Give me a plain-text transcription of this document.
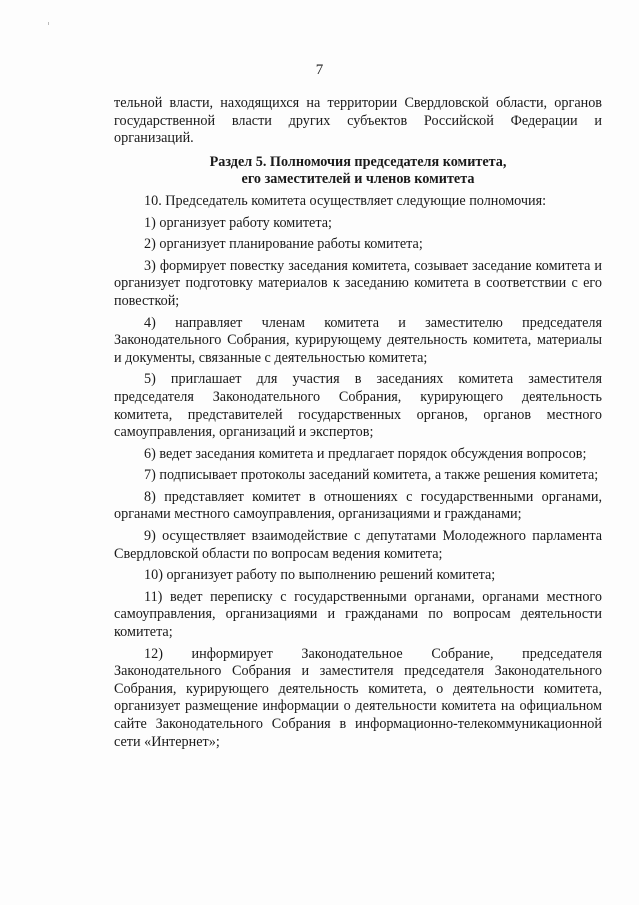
7

тельной власти, находящихся на территории Свердловской области, органов государственной власти других субъектов Российской Федерации и организаций.

Раздел 5. Полномочия председателя комитета,
его заместителей и членов комитета

10. Председатель комитета осуществляет следующие полномочия:

1) организует работу комитета;

2) организует планирование работы комитета;

3) формирует повестку заседания комитета, созывает заседание комитета и организует подготовку материалов к заседанию комитета в соответствии с его повесткой;

4) направляет членам комитета и заместителю председателя Законодательного Собрания, курирующему деятельность комитета, материалы и документы, связанные с деятельностью комитета;

5) приглашает для участия в заседаниях комитета заместителя председателя Законодательного Собрания, курирующего деятельность комитета, представителей государственных органов, органов местного самоуправления, организаций и экспертов;

6) ведет заседания комитета и предлагает порядок обсуждения вопросов;

7) подписывает протоколы заседаний комитета, а также решения комитета;

8) представляет комитет в отношениях с государственными органами, органами местного самоуправления, организациями и гражданами;

9) осуществляет взаимодействие с депутатами Молодежного парламента Свердловской области по вопросам ведения комитета;

10) организует работу по выполнению решений комитета;

11) ведет переписку с государственными органами, органами местного самоуправления, организациями и гражданами по вопросам деятельности комитета;

12) информирует Законодательное Собрание, председателя Законодательного Собрания и заместителя председателя Законодательного Собрания, курирующего деятельность комитета, о деятельности комитета, организует размещение информации о деятельности комитета на официальном сайте Законодательного Собрания в информационно-телекоммуникационной сети «Интернет»;
